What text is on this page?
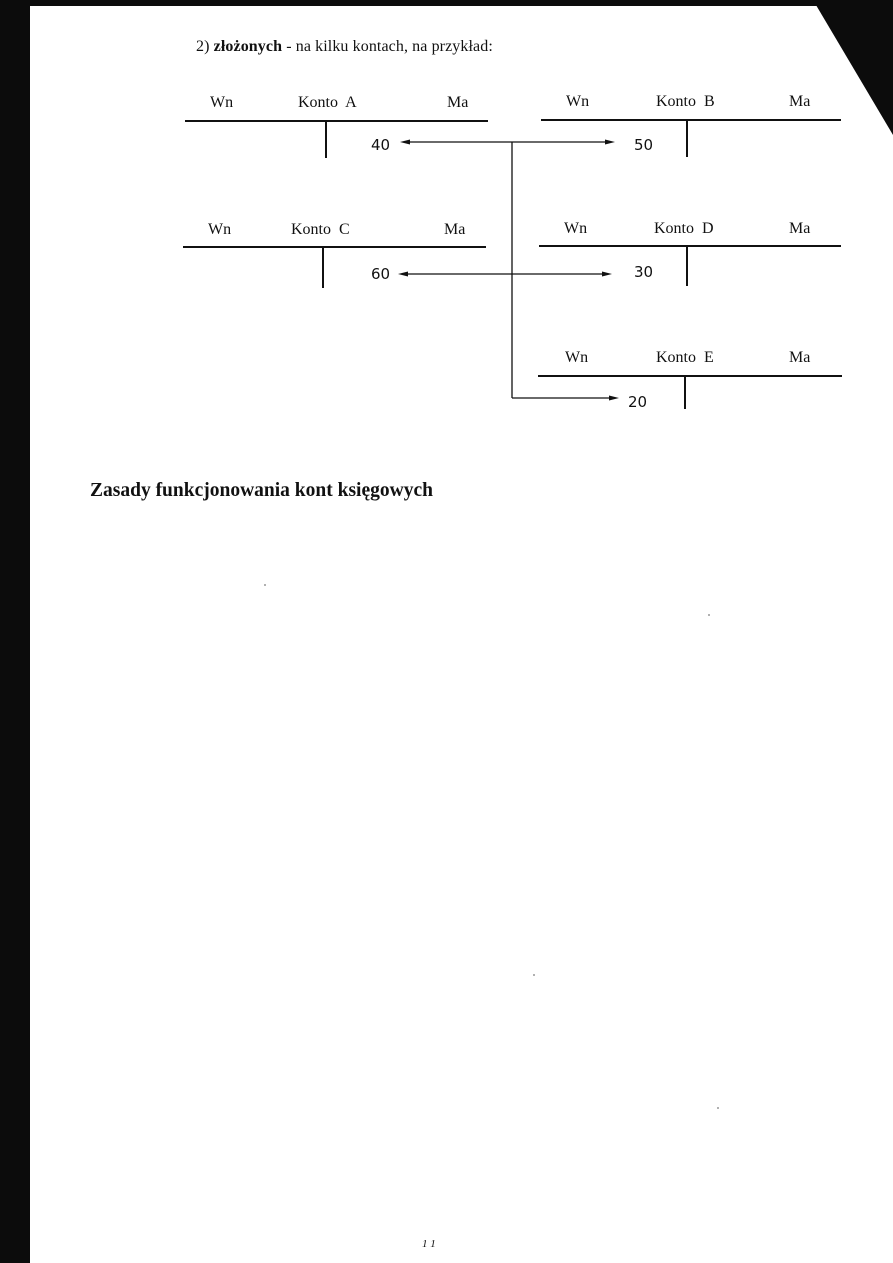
2) złożonych - na kilku kontach, na przykład:
Wn	Konto  A	Ma
40
Wn	Konto  B	Ma
50
Wn	Konto  C	Ma
60
Wn	Konto  D	Ma
30
Wn	Konto  E	Ma
20
Zasady funkcjonowania kont księgowych
1 1
